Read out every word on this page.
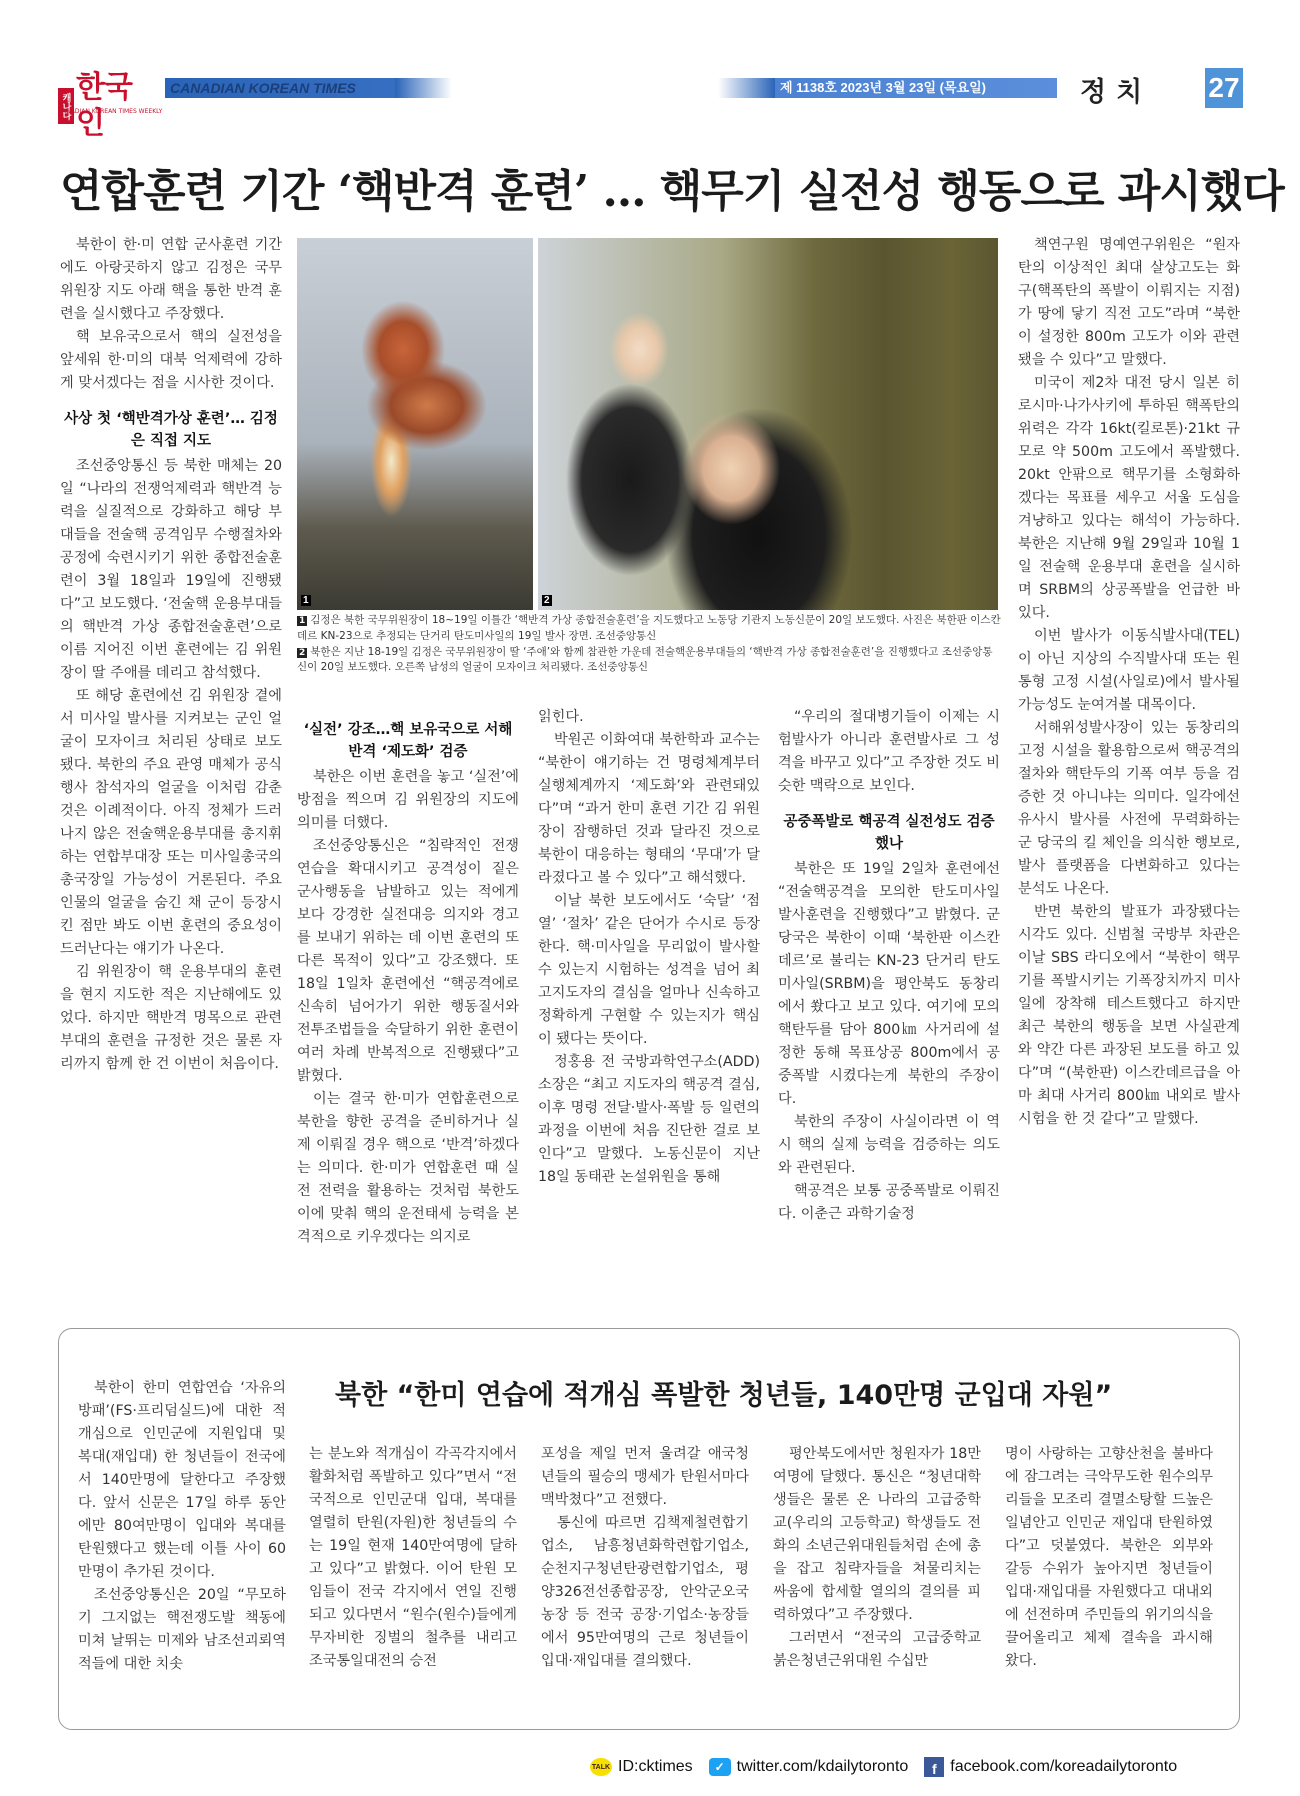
캐나다
한국인
CANADIAN KOREAN TIMES WEEKLY
CANADIAN KOREAN TIMES	제 1138호 2023년 3월 23일 (목요일)	정치 27
연합훈련 기간 ‘핵반격 훈련’ … 핵무기 실전성 행동으로 과시했다

북한이 한·미 연합 군사훈련 기간에도 아랑곳하지 않고 김정은 국무위원장 지도 아래 핵을 통한 반격 훈련을 실시했다고 주장했다.

핵 보유국으로서 핵의 실전성을 앞세워 한·미의 대북 억제력에 강하게 맞서겠다는 점을 시사한 것이다.

사상 첫 ‘핵반격가상 훈련’… 김정은 직접 지도

조선중앙통신 등 북한 매체는 20일 “나라의 전쟁억제력과 핵반격 능력을 실질적으로 강화하고 해당 부대들을 전술핵 공격임무 수행절차와 공정에 숙련시키기 위한 종합전술훈련이 3월 18일과 19일에 진행됐다”고 보도했다. ‘전술핵 운용부대들의 핵반격 가상 종합전술훈련’으로 이름 지어진 이번 훈련에는 김 위원장이 딸 주애를 데리고 참석했다.

또 해당 훈련에선 김 위원장 곁에 서 미사일 발사를 지켜보는 군인 얼굴이 모자이크 처리된 상태로 보도됐다. 북한의 주요 관영 매체가 공식 행사 참석자의 얼굴을 이처럼 감춘 것은 이례적이다. 아직 정체가 드러나지 않은 전술핵운용부대를 총지휘하는 연합부대장 또는 미사일총국의 총국장일 가능성이 거론된다. 주요 인물의 얼굴을 숨긴 채 군이 등장시킨 점만 봐도 이번 훈련의 중요성이 드러난다는 얘기가 나온다.

김 위원장이 핵 운용부대의 훈련을 현지 지도한 적은 지난해에도 있었다. 하지만 핵반격 명목으로 관련 부대의 훈련을 규정한 것은 물론 자리까지 함께 한 건 이번이 처음이다.

‘실전’ 강조…핵 보유국으로 서해반격 ‘제도화’ 검증

북한은 이번 훈련을 놓고 ‘실전’에 방점을 찍으며 김 위원장의 지도에 의미를 더했다.

조선중앙통신은 “침략적인 전쟁연습을 확대시키고 공격성이 짙은 군사행동을 남발하고 있는 적에게 보다 강경한 실전대응 의지와 경고를 보내기 위하는 데 이번 훈련의 또 다른 목적이 있다”고 강조했다. 또 18일 1일차 훈련에선 “핵공격에로 신속히 넘어가기 위한 행동질서와 전투조법들을 숙달하기 위한 훈련이 여러 차례 반복적으로 진행됐다”고 밝혔다.

이는 결국 한·미가 연합훈련으로 북한을 향한 공격을 준비하거나 실제 이뤄질 경우 핵으로 ‘반격’하겠다는 의미다. 한·미가 연합훈련 때 실전 전력을 활용하는 것처럼 북한도 이에 맞춰 핵의 운전태세 능력을 본격적으로 키우겠다는 의지로

읽힌다.

박원곤 이화여대 북한학과 교수는 “북한이 얘기하는 건 명령체계부터 실행체계까지 ‘제도화’와 관련돼있다”며 “과거 한미 훈련 기간 김 위원장이 잠행하던 것과 달라진 것으로 북한이 대응하는 형태의 ‘무대’가 달라졌다고 볼 수 있다”고 해석했다.

이날 북한 보도에서도 ‘숙달’ ‘점열’ ‘절차’ 같은 단어가 수시로 등장한다. 핵·미사일을 무리없이 발사할 수 있는지 시험하는 성격을 넘어 최고지도자의 결심을 얼마나 신속하고 정확하게 구현할 수 있는지가 핵심이 됐다는 뜻이다.

정홍용 전 국방과학연구소(ADD) 소장은 “최고 지도자의 핵공격 결심, 이후 명령 전달·발사·폭발 등 일련의 과정을 이번에 처음 진단한 걸로 보인다”고 말했다. 노동신문이 지난 18일 동태관 논설위원을 통해

“우리의 절대병기들이 이제는 시험발사가 아니라 훈련발사로 그 성격을 바꾸고 있다”고 주장한 것도 비슷한 맥락으로 보인다.

공중폭발로 핵공격 실전성도 검증했나

북한은 또 19일 2일차 훈련에선 “전술핵공격을 모의한 탄도미사일 발사훈련을 진행했다”고 밝혔다. 군 당국은 북한이 이때 ‘북한판 이스칸데르’로 불리는 KN-23 단거리 탄도미사일(SRBM)을 평안북도 동창리에서 쐈다고 보고 있다. 여기에 모의 핵탄두를 담아 800㎞ 사거리에 설정한 동해 목표상공 800m에서 공중폭발 시켰다는게 북한의 주장이다.

북한의 주장이 사실이라면 이 역시 핵의 실제 능력을 검증하는 의도와 관련된다.

핵공격은 보통 공중폭발로 이뤄진다. 이춘근 과학기술정

책연구원 명예연구위원은 “원자탄의 이상적인 최대 살상고도는 화구(핵폭탄의 폭발이 이뤄지는 지점)가 땅에 닿기 직전 고도”라며 “북한이 설정한 800m 고도가 이와 관련됐을 수 있다”고 말했다.

미국이 제2차 대전 당시 일본 히로시마·나가사키에 투하된 핵폭탄의 위력은 각각 16kt(킬로톤)·21kt 규모로 약 500m 고도에서 폭발했다. 20kt 안팎으로 핵무기를 소형화하겠다는 목표를 세우고 서울 도심을 겨냥하고 있다는 해석이 가능하다. 북한은 지난해 9월 29일과 10월 1일 전술핵 운용부대 훈련을 실시하며 SRBM의 상공폭발을 언급한 바 있다.

이번 발사가 이동식발사대(TEL)이 아닌 지상의 수직발사대 또는 원통형 고정 시설(사일로)에서 발사될 가능성도 눈여겨볼 대목이다.

서해위성발사장이 있는 동창리의 고정 시설을 활용함으로써 핵공격의 절차와 핵탄두의 기폭 여부 등을 검증한 것 아니냐는 의미다. 일각에선 유사시 발사를 사전에 무력화하는 군 당국의 킬 체인을 의식한 행보로, 발사 플랫폼을 다변화하고 있다는 분석도 나온다.

반면 북한의 발표가 과장됐다는 시각도 있다. 신범철 국방부 차관은 이날 SBS 라디오에서 “북한이 핵무기를 폭발시키는 기폭장치까지 미사일에 장착해 테스트했다고 하지만 최근 북한의 행동을 보면 사실관계와 약간 다른 과장된 보도를 하고 있다”며 “(북한판) 이스칸데르급을 아마 최대 사거리 800㎞ 내외로 발사 시험을 한 것 같다”고 말했다.

1	2
1 김정은 북한 국무위원장이 18~19일 이틀간 ‘핵반격 가상 종합전술훈련’을 지도했다고 노동당 기관지 노동신문이 20일 보도했다. 사진은 북한판 이스칸데르 KN-23으로 추정되는 단거리 탄도미사일의 19일 발사 장면. 조선중앙통신
2 북한은 지난 18-19일 김정은 국무위원장이 딸 ‘주애’와 함께 참관한 가운데 전술핵운용부대들의 ‘핵반격 가상 종합전술훈련’을 진행했다고 조선중앙통신이 20일 보도했다. 오른쪽 남성의 얼굴이 모자이크 처리됐다. 조선중앙통신
북한 “한미 연습에 적개심 폭발한 청년들, 140만명 군입대 자원”

북한이 한미 연합연습 ‘자유의 방패’(FS·프리덤실드)에 대한 적개심으로 인민군에 지원입대 및 복대(재입대) 한 청년들이 전국에서 140만명에 달한다고 주장했다. 앞서 신문은 17일 하루 동안에만 80여만명이 입대와 복대를 탄원했다고 했는데 이틀 사이 60만명이 추가된 것이다.

조선중앙통신은 20일 “무모하기 그지없는 핵전쟁도발 책동에 미쳐 날뛰는 미제와 남조선괴뢰역적들에 대한 치솟

는 분노와 적개심이 각곡각지에서활화처럼 폭발하고 있다”면서 “전국적으로 인민군대 입대, 복대를 열렬히 탄원(자원)한 청년들의 수는 19일 현재 140만여명에 달하고 있다”고 밝혔다. 이어 탄원 모임들이 전국 각지에서 연일 진행되고 있다면서 “원수(원수)들에게 무자비한 징벌의 철추를 내리고 조국통일대전의 승전

포성을 제일 먼저 울려갈 애국청년들의 필승의 맹세가 탄원서마다 맥박쳤다”고 전했다.

통신에 따르면 김책제철련합기업소, 남흥청년화학련합기업소, 순천지구청년탄광련합기업소, 평양326전선종합공장, 안악군오국농장 등 전국 공장·기업소·농장들에서 95만여명의 근로 청년들이 입대·재입대를 결의했다.

평안북도에서만 청원자가 18만여명에 달했다. 통신은 “청년대학생들은 물론 온 나라의 고급중학교(우리의 고등학교) 학생들도 전화의 소년근위대원들처럼 손에 총을 잡고 침략자들을 쳐물리치는 싸움에 합세할 열의의 결의를 피력하였다”고 주장했다.

그러면서 “전국의 고급중학교 붉은청년근위대원 수십만

명이 사랑하는 고향산천을 불바다에 잠그려는 극악무도한 원수의무리들을 모조리 결멸소탕할 드높은 일념안고 인민군 재입대 탄원하였다”고 덧붙였다. 북한은 외부와 갈등 수위가 높아지면 청년들이 입대·재입대를 자원했다고 대내외에 선전하며 주민들의 위기의식을 끌어올리고 체제 결속을 과시해 왔다.

TALK ID:cktimes	✓ twitter.com/kdailytoronto	f facebook.com/koreadailytoronto
